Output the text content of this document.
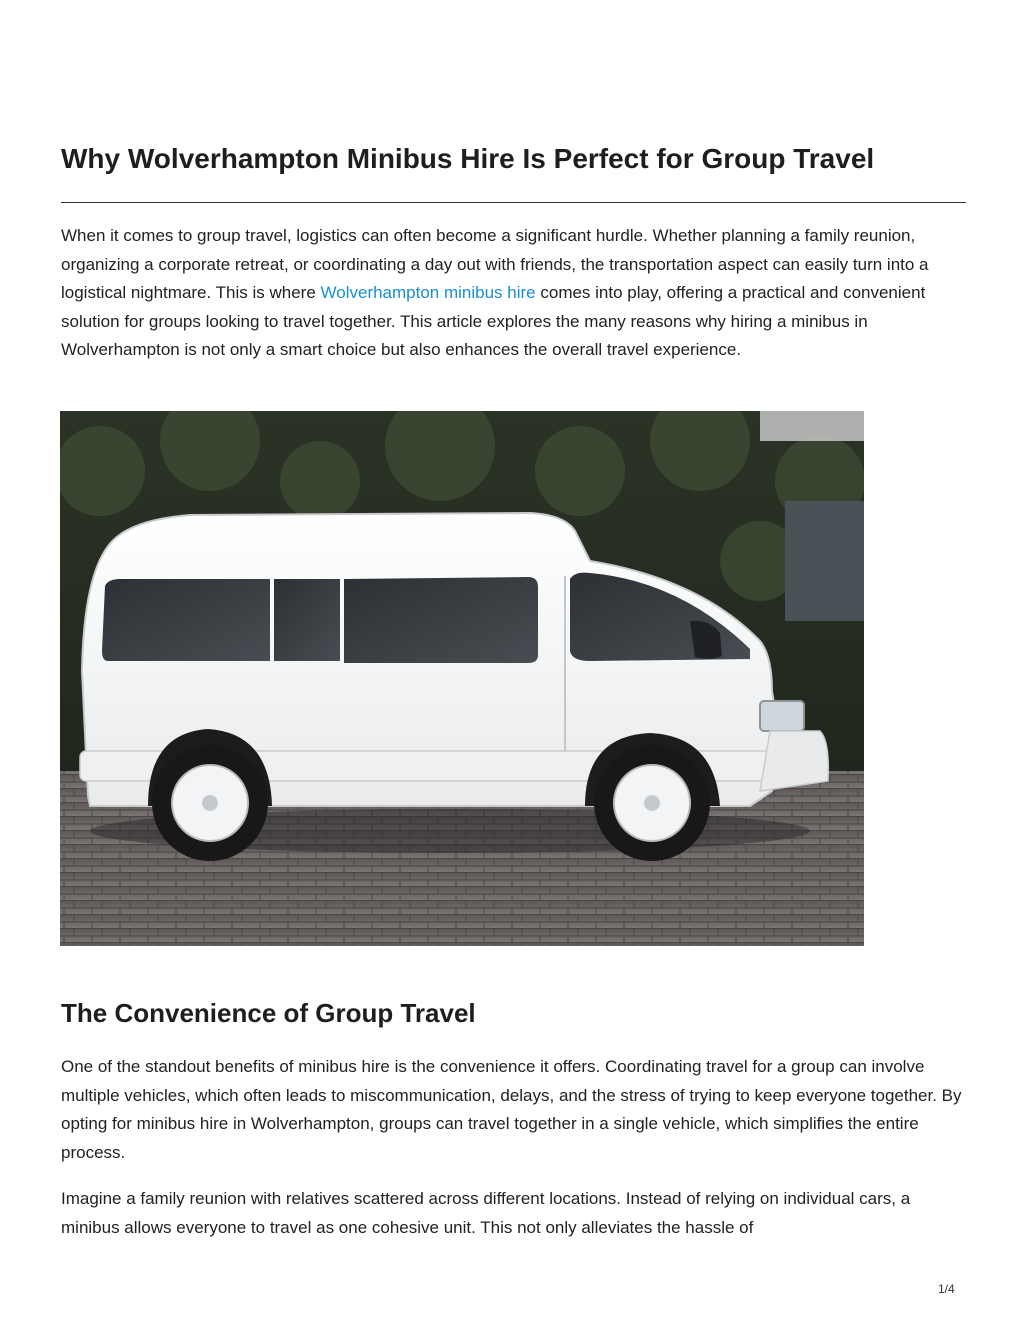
Why Wolverhampton Minibus Hire Is Perfect for Group Travel

When it comes to group travel, logistics can often become a significant hurdle. Whether planning a family reunion, organizing a corporate retreat, or coordinating a day out with friends, the transportation aspect can easily turn into a logistical nightmare. This is where Wolverhampton minibus hire comes into play, offering a practical and convenient solution for groups looking to travel together. This article explores the many reasons why hiring a minibus in Wolverhampton is not only a smart choice but also enhances the overall travel experience.

The Convenience of Group Travel

One of the standout benefits of minibus hire is the convenience it offers. Coordinating travel for a group can involve multiple vehicles, which often leads to miscommunication, delays, and the stress of trying to keep everyone together. By opting for minibus hire in Wolverhampton, groups can travel together in a single vehicle, which simplifies the entire process.

Imagine a family reunion with relatives scattered across different locations. Instead of relying on individual cars, a minibus allows everyone to travel as one cohesive unit. This not only alleviates the hassle of

1/4
